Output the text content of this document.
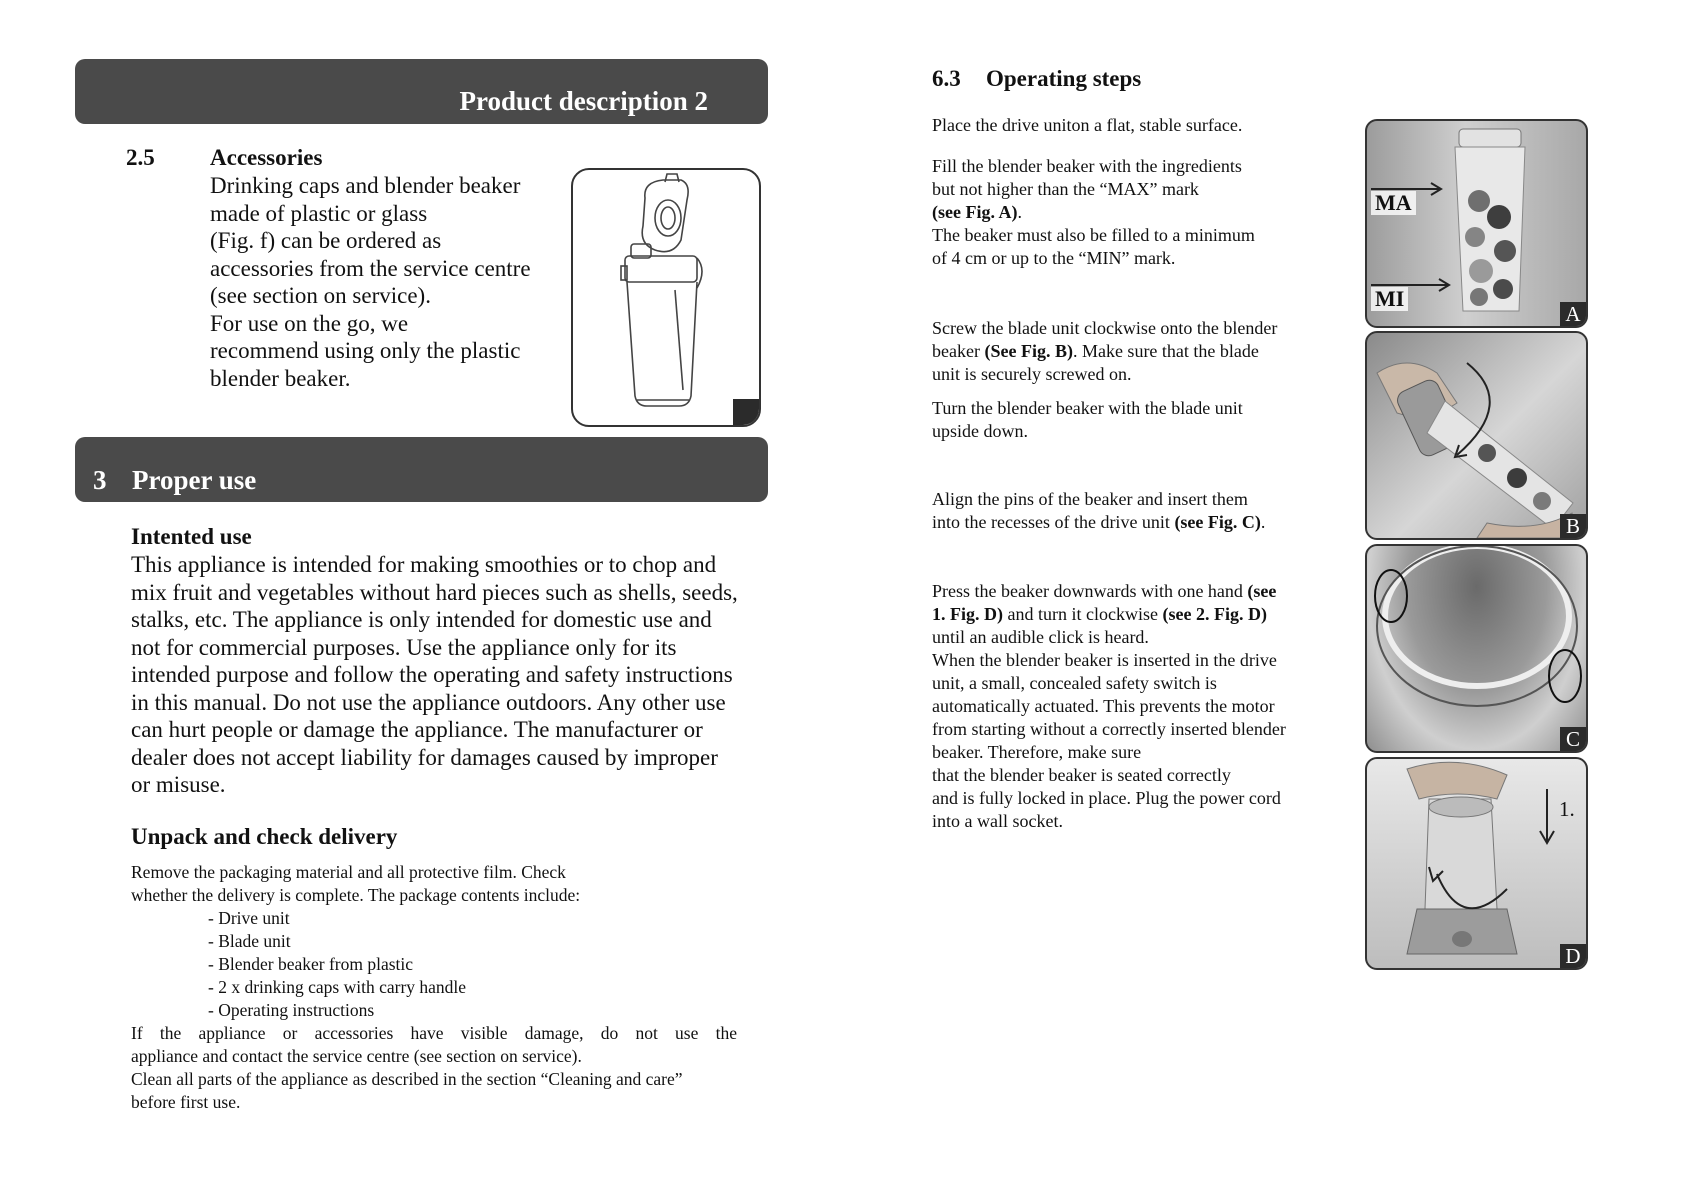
Product description 2
2.5 Accessories
Drinking caps and blender beaker
made of plastic or glass
(Fig. f) can be ordered as
accessories from the service centre
(see section on service).
For use on the go, we
recommend using only the plastic
blender beaker.
3 Proper use
Intented use
This appliance is intended for making smoothies or to chop and
mix fruit and vegetables without hard pieces such as shells, seeds,
stalks, etc. The appliance is only intended for domestic use and
not for commercial purposes. Use the appliance only for its
intended purpose and follow the operating and safety instructions
in this manual. Do not use the appliance outdoors. Any other use
can hurt people or damage the appliance. The manufacturer or
dealer does not accept liability for damages caused by improper
or misuse.
Unpack and check delivery
Remove the packaging material and all protective film. Check
whether the delivery is complete. The package contents include:
- Drive unit
- Blade unit
- Blender beaker from plastic
- 2 x drinking caps with carry handle
- Operating instructions
If the appliance or accessories have visible damage, do not use the
appliance and contact the service centre (see section on service).
Clean all parts of the appliance as described in the section “Cleaning and care”
before first use.
6.3 Operating steps
Place the drive uniton a flat, stable surface.
Fill the blender beaker with the ingredients
but not higher than the “MAX” mark
(see Fig. A).
The beaker must also be filled to a minimum
of 4 cm or up to the “MIN” mark.
Screw the blade unit clockwise onto the blender
beaker (See Fig. B). Make sure that the blade
unit is securely screwed on.
Turn the blender beaker with the blade unit
upside down.
Align the pins of the beaker and insert them
into the recesses of the drive unit (see Fig. C).
Press the beaker downwards with one hand (see
1. Fig. D) and turn it clockwise (see 2. Fig. D)
until an audible click is heard.
When the blender beaker is inserted in the drive
unit, a small, concealed safety switch is
automatically actuated. This prevents the motor
from starting without a correctly inserted blender
beaker. Therefore, make sure
that the blender beaker is seated correctly
and is fully locked in place. Plug the power cord
into a wall socket.
MA
MI
A
B
C
1.
D
